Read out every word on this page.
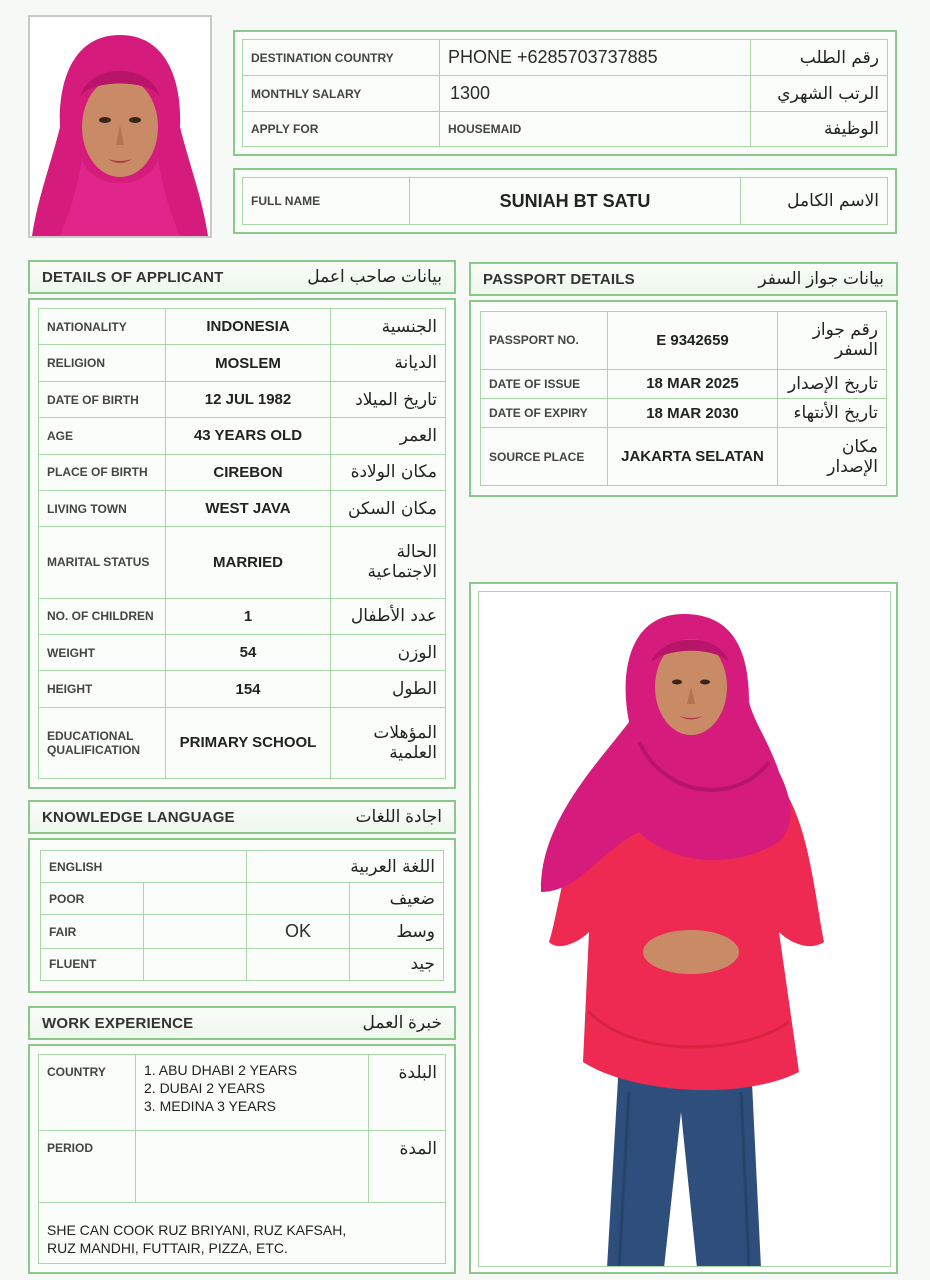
DESTINATION COUNTRY	PHONE +6285703737885	رقم الطلب
MONTHLY SALARY	1300	الرتب الشهري
APPLY FOR	HOUSEMAID	الوظيفة
FULL NAME	SUNIAH BT SATU	الاسم الكامل
DETAILS OF APPLICANT	بيانات صاحب اعمل
NATIONALITY	INDONESIA	الجنسية
RELIGION	MOSLEM	الديانة
DATE OF BIRTH	12 JUL 1982	تاريخ الميلاد
AGE	43 YEARS OLD	العمر
PLACE OF BIRTH	CIREBON	مكان الولادة
LIVING TOWN	WEST JAVA	مكان السكن
MARITAL STATUS	MARRIED	الحالة الاجتماعية
NO. OF CHILDREN	1	عدد الأطفال
WEIGHT	54	الوزن
HEIGHT	154	الطول
EDUCATIONAL QUALIFICATION	PRIMARY SCHOOL	المؤهلات العلمية
PASSPORT DETAILS	بيانات جواز السفر
PASSPORT NO.	E 9342659	رقم جواز السفر
DATE OF ISSUE	18 MAR 2025	تاريخ الإصدار
DATE OF EXPIRY	18 MAR 2030	تاريخ الأنتهاء
SOURCE PLACE	JAKARTA SELATAN	مكان الإصدار
KNOWLEDGE LANGUAGE	اجادة اللغات
ENGLISH		اللغة العربية	
POOR			ضعيف
FAIR		OK	وسط
FLUENT			جيد
WORK EXPERIENCE	خبرة العمل
COUNTRY	1. ABU DHABI 2 YEARS
2. DUBAI 2 YEARS
3. MEDINA 3 YEARS	البلدة
PERIOD		المدة

SHE CAN COOK RUZ BRIYANI, RUZ KAFSAH,
RUZ MANDHI, FUTTAIR, PIZZA, ETC.		
